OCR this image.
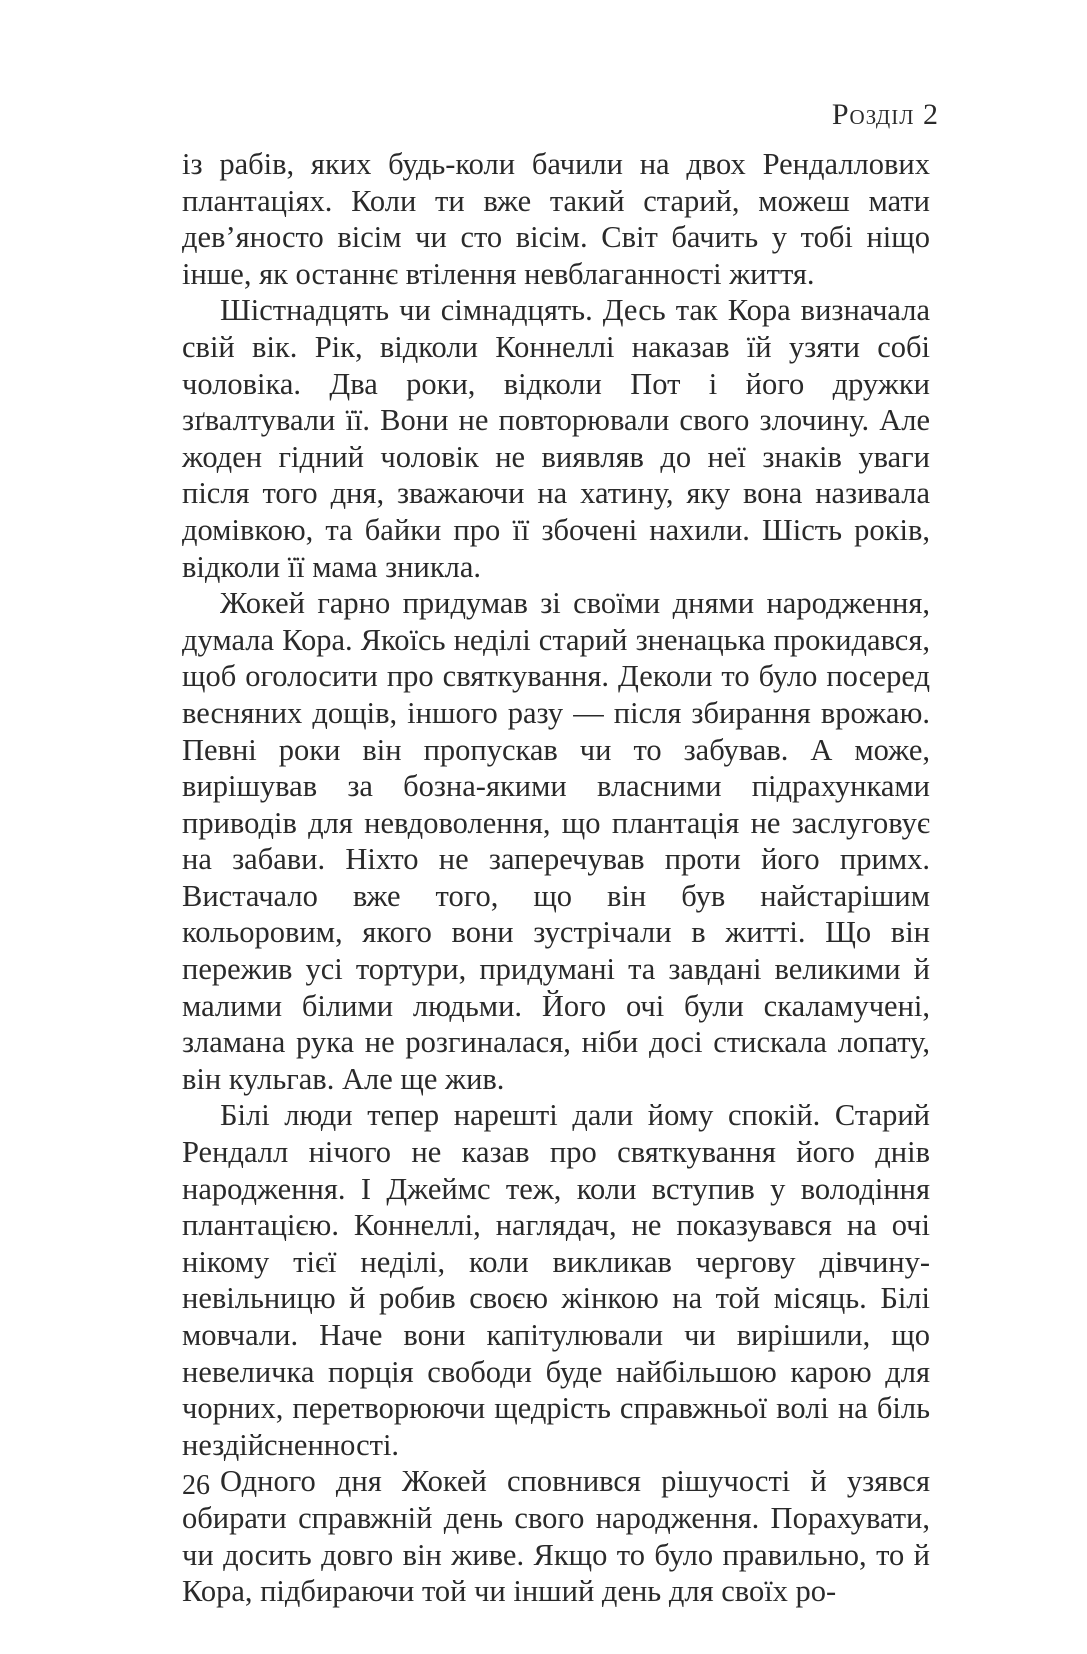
Розділ 2

із рабів, яких будь-коли бачили на двох Рендаллових плантаціях. Коли ти вже такий старий, можеш мати дев’яносто вісім чи сто вісім. Світ бачить у тобі ніщо інше, як останнє втілення невблаганності життя.

Шістнадцять чи сімнадцять. Десь так Кора визначала свій вік. Рік, відколи Коннеллі наказав їй узяти собі чоловіка. Два роки, відколи Пот і його дружки зґвалтували її. Вони не повторювали свого злочину. Але жоден гідний чоловік не виявляв до неї знаків уваги після того дня, зважаючи на хатину, яку вона називала домівкою, та байки про її збочені нахили. Шість років, відколи її мама зникла.

Жокей гарно придумав зі своїми днями народження, думала Кора. Якоїсь неділі старий зненацька прокидався, щоб оголосити про святкування. Деколи то було посеред весняних дощів, іншого разу — після збирання врожаю. Певні роки він пропускав чи то забував. А може, вирішував за бозна-якими власними підрахунками приводів для невдоволення, що плантація не заслуговує на забави. Ніхто не заперечував проти його примх. Вистачало вже того, що він був найстарішим кольоровим, якого вони зустрічали в житті. Що він пережив усі тортури, придумані та завдані великими й малими білими людьми. Його очі були скаламучені, зламана рука не розгиналася, ніби досі стискала лопату, він кульгав. Але ще жив.

Білі люди тепер нарешті дали йому спокій. Старий Рендалл нічого не казав про святкування його днів народження. І Джеймс теж, коли вступив у володіння плантацією. Коннеллі, наглядач, не показувався на очі нікому тієї неділі, коли викликав чергову дівчину-невільницю й робив своєю жінкою на той місяць. Білі мовчали. Наче вони капітулювали чи вирішили, що невеличка порція свободи буде найбільшою карою для чорних, перетворюючи щедрість справжньої волі на біль нездійсненності.

Одного дня Жокей сповнився рішучості й узявся обирати справжній день свого народження. Порахувати, чи досить довго він живе. Якщо то було правильно, то й Кора, підбираючи той чи інший день для своїх ро-

26
